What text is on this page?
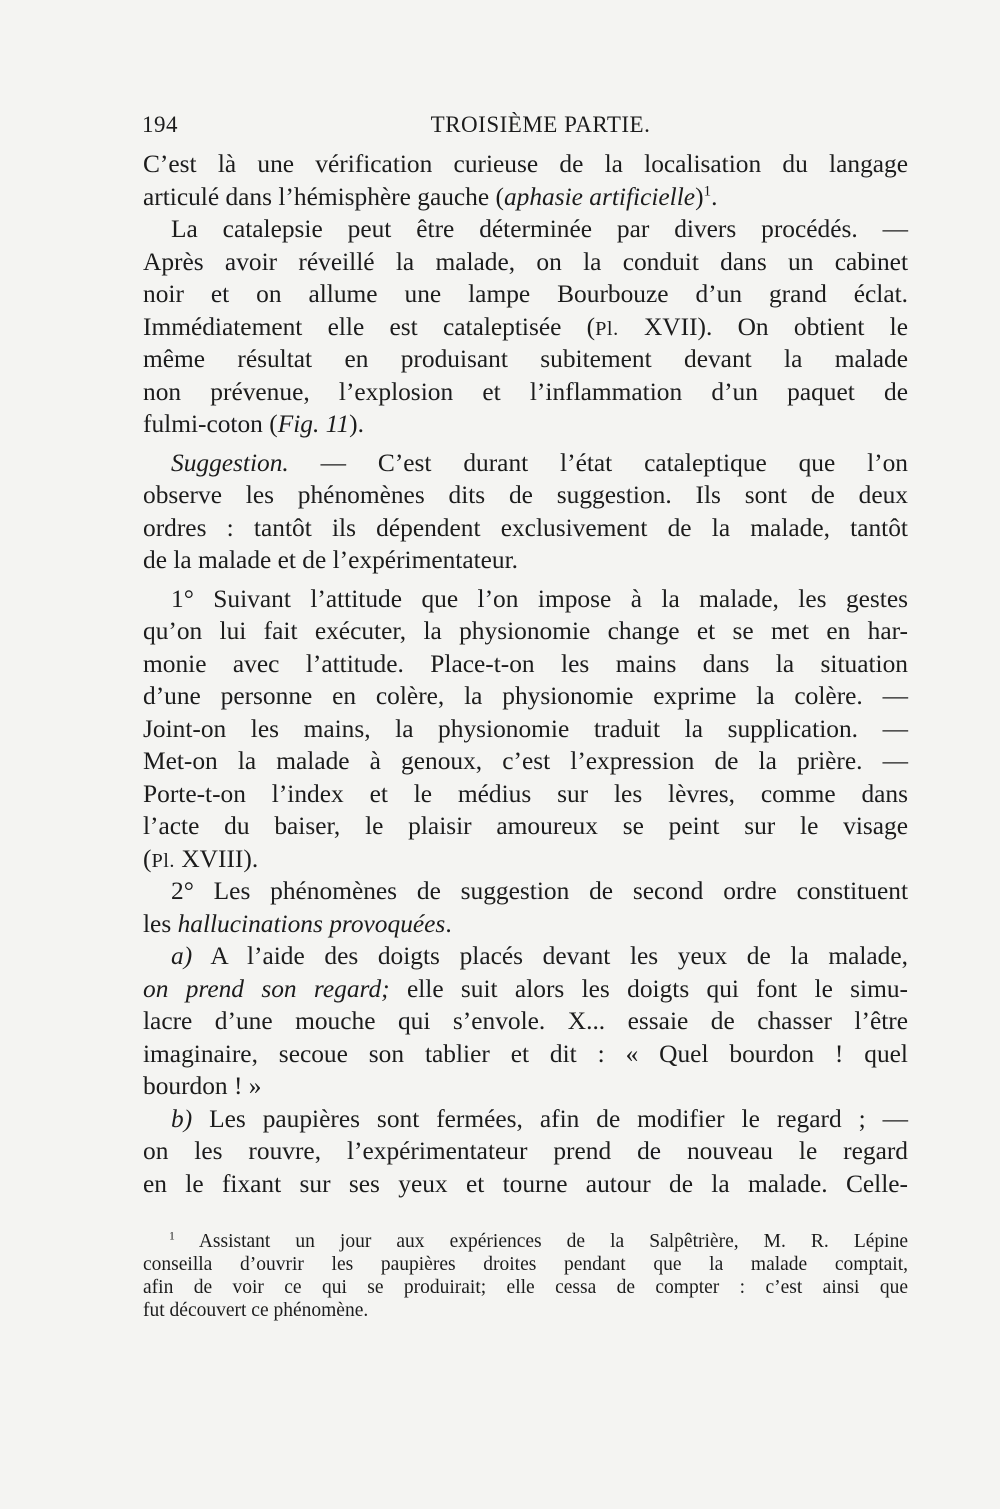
194	TROISIÈME PARTIE.
C’est là une vérification curieuse de la localisation du langage
articulé dans l’hémisphère gauche (aphasie artificielle)$^1$.
La catalepsie peut être déterminée par divers procédés. —
Après avoir réveillé la malade, on la conduit dans un cabinet
noir et on allume une lampe Bourbouze d’un grand éclat.
Immédiatement elle est cataleptisée (Pl. XVII). On obtient le
même résultat en produisant subitement devant la malade
non prévenue, l’explosion et l’inflammation d’un paquet de
fulmi-coton (Fig. 11).
Suggestion. — C’est durant l’état cataleptique que l’on
observe les phénomènes dits de suggestion. Ils sont de deux
ordres : tantôt ils dépendent exclusivement de la malade, tantôt
de la malade et de l’expérimentateur.
1° Suivant l’attitude que l’on impose à la malade, les gestes
qu’on lui fait exécuter, la physionomie change et se met en har-
monie avec l’attitude. Place-t-on les mains dans la situation
d’une personne en colère, la physionomie exprime la colère. —
Joint-on les mains, la physionomie traduit la supplication. —
Met-on la malade à genoux, c’est l’expression de la prière. —
Porte-t-on l’index et le médius sur les lèvres, comme dans
l’acte du baiser, le plaisir amoureux se peint sur le visage
(Pl. XVIII).
2° Les phénomènes de suggestion de second ordre constituent
les hallucinations provoquées.
a) A l’aide des doigts placés devant les yeux de la malade,
on prend son regard; elle suit alors les doigts qui font le simu-
lacre d’une mouche qui s’envole. X... essaie de chasser l’être
imaginaire, secoue son tablier et dit : « Quel bourdon ! quel
bourdon ! »
b) Les paupières sont fermées, afin de modifier le regard ; —
on les rouvre, l’expérimentateur prend de nouveau le regard
en le fixant sur ses yeux et tourne autour de la malade. Celle-
$^1$ Assistant un jour aux expériences de la Salpêtrière, M. R. Lépine
conseilla d’ouvrir les paupières droites pendant que la malade comptait,
afin de voir ce qui se produirait; elle cessa de compter : c’est ainsi que
fut découvert ce phénomène.
